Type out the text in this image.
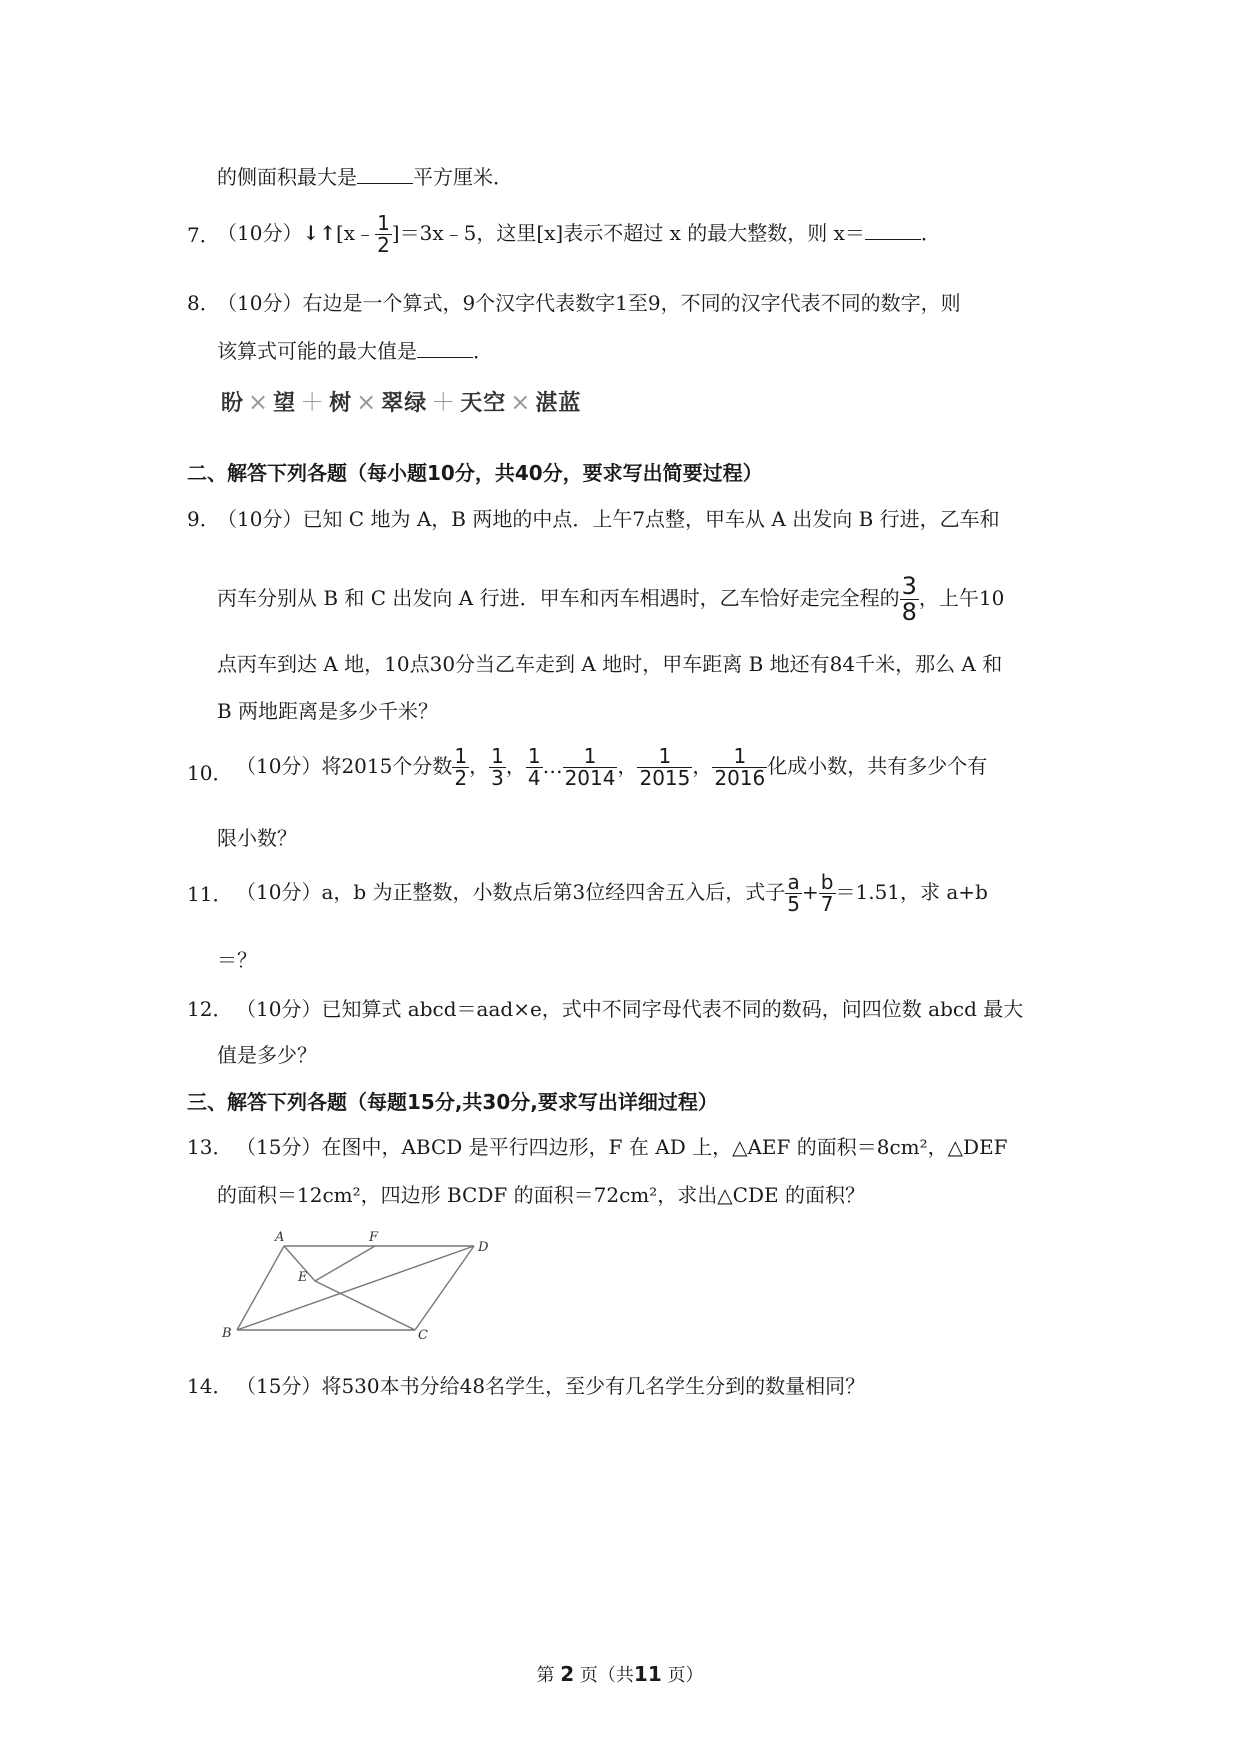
的侧面积最大是	平方厘米．
7．
（10分）↓↑[x﹣ $\frac{1}{2}$ ]＝3x﹣5，这里[x]表示不超过 x 的最大整数，则 x＝	．
8．
（10分）右边是一个算式，9个汉字代表数字1至9，不同的汉字代表不同的数字，则
该算式可能的最大值是	．
盼 × 望 ＋ 树 × 翠绿 ＋ 天空 × 湛蓝
二、解答下列各题（每小题10分，共40分，要求写出简要过程）
9．
（10分）已知 C 地为 A，B 两地的中点．上午7点整，甲车从 A 出发向 B 行进，乙车和
丙车分别从 B 和 C 出发向 A 行进．甲车和丙车相遇时，乙车恰好走完全程的 $\frac{3}{8}$ ，上午10
点丙车到达 A 地，10点30分当乙车走到 A 地时，甲车距离 B 地还有84千米，那么 A 和
B 两地距离是多少千米？
10． （10分）将2015个分数 $\frac{1}{2}$ ， $\frac{1}{3}$ ， $\frac{1}{4}$ … $\frac{1}{2014}$ ， $\frac{1}{2015}$ ， $\frac{1}{2016}$ 化成小数，共有多少个有
限小数？
11． （10分）a，b 为正整数，小数点后第3位经四舍五入后，式子 $\frac{a}{5} + \frac{b}{7} =1.51$，求 a+b
＝？
12． （10分）已知算式 abcd＝aad×e，式中不同字母代表不同的数码，问四位数 abcd 最大
值是多少？
三、解答下列各题（每题15分,共30分,要求写出详细过程）
13． （15分）在图中，ABCD 是平行四边形，F 在 AD 上，△AEF 的面积＝8cm²，△DEF
的面积＝12cm²，四边形 BCDF 的面积＝72cm²，求出△CDE 的面积？
A	F
D
E
B	C
14． （15分）将530本书分给48名学生，至少有几名学生分到的数量相同？
第 2 页（共11 页）
